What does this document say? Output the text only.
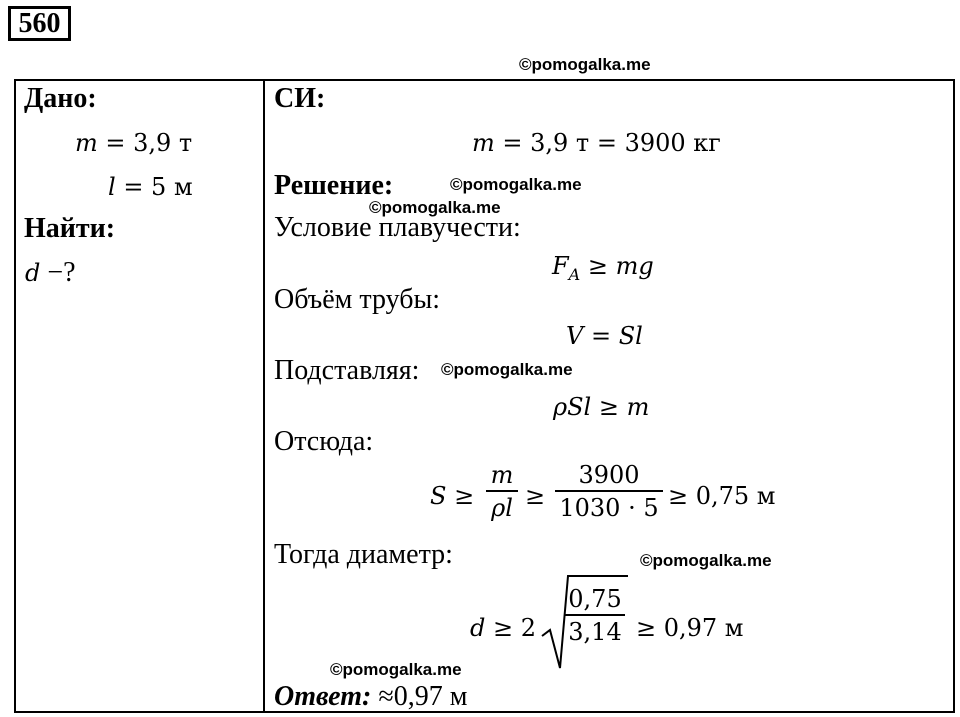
560
©pomogalka.me
Дано:
m = 3,9 т
l = 5 м
Найти:
d −?
СИ:
m = 3,9 т = 3900 кг
Решение:	©pomogalka.me
©pomogalka.me
Условие плавучести:
$F_A$ ≥ mg
Объём трубы:
V = Sl
Подставляя: ©pomogalka.me
ρSl ≥ m
Отсюда:
S ≥
m
ρl ≥
3900
1030 · 5 ≥ 0,75 м
Тогда диаметр:	©pomogalka.me
d ≥ 2
0,75
3,14 ≥ 0,97 м
©pomogalka.me
Ответ: ≈0,97 м
